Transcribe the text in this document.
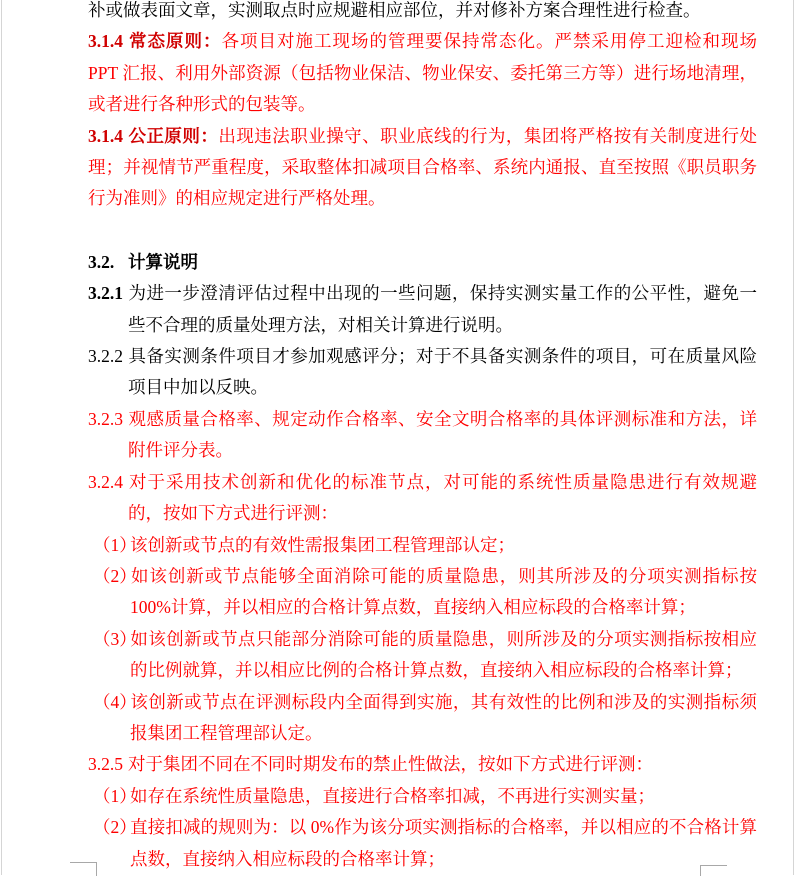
补或做表面文章，实测取点时应规避相应部位，并对修补方案合理性进行检查。
3.1.4 常态原则：各项目对施工现场的管理要保持常态化。严禁采用停工迎检和现场 PPT 汇报、利用外部资源（包括物业保洁、物业保安、委托第三方等）进行场地清理，或者进行各种形式的包装等。
3.1.4 公正原则：出现违法职业操守、职业底线的行为，集团将严格按有关制度进行处理；并视情节严重程度，采取整体扣减项目合格率、系统内通报、直至按照《职员职务行为准则》的相应规定进行严格处理。
3.2. 计算说明
3.2.1 为进一步澄清评估过程中出现的一些问题，保持实测实量工作的公平性，避免一些不合理的质量处理方法，对相关计算进行说明。
3.2.2 具备实测条件项目才参加观感评分；对于不具备实测条件的项目，可在质量风险项目中加以反映。
3.2.3 观感质量合格率、规定动作合格率、安全文明合格率的具体评测标准和方法，详附件评分表。
3.2.4 对于采用技术创新和优化的标准节点，对可能的系统性质量隐患进行有效规避的，按如下方式进行评测：
（1）该创新或节点的有效性需报集团工程管理部认定；
（2）如该创新或节点能够全面消除可能的质量隐患，则其所涉及的分项实测指标按 100%计算，并以相应的合格计算点数，直接纳入相应标段的合格率计算；
（3）如该创新或节点只能部分消除可能的质量隐患，则所涉及的分项实测指标按相应的比例就算，并以相应比例的合格计算点数，直接纳入相应标段的合格率计算；
（4）该创新或节点在评测标段内全面得到实施，其有效性的比例和涉及的实测指标须报集团工程管理部认定。
3.2.5 对于集团不同在不同时期发布的禁止性做法，按如下方式进行评测：
（1）如存在系统性质量隐患，直接进行合格率扣减，不再进行实测实量；
（2）直接扣减的规则为：以 0%作为该分项实测指标的合格率，并以相应的不合格计算点数，直接纳入相应标段的合格率计算；
